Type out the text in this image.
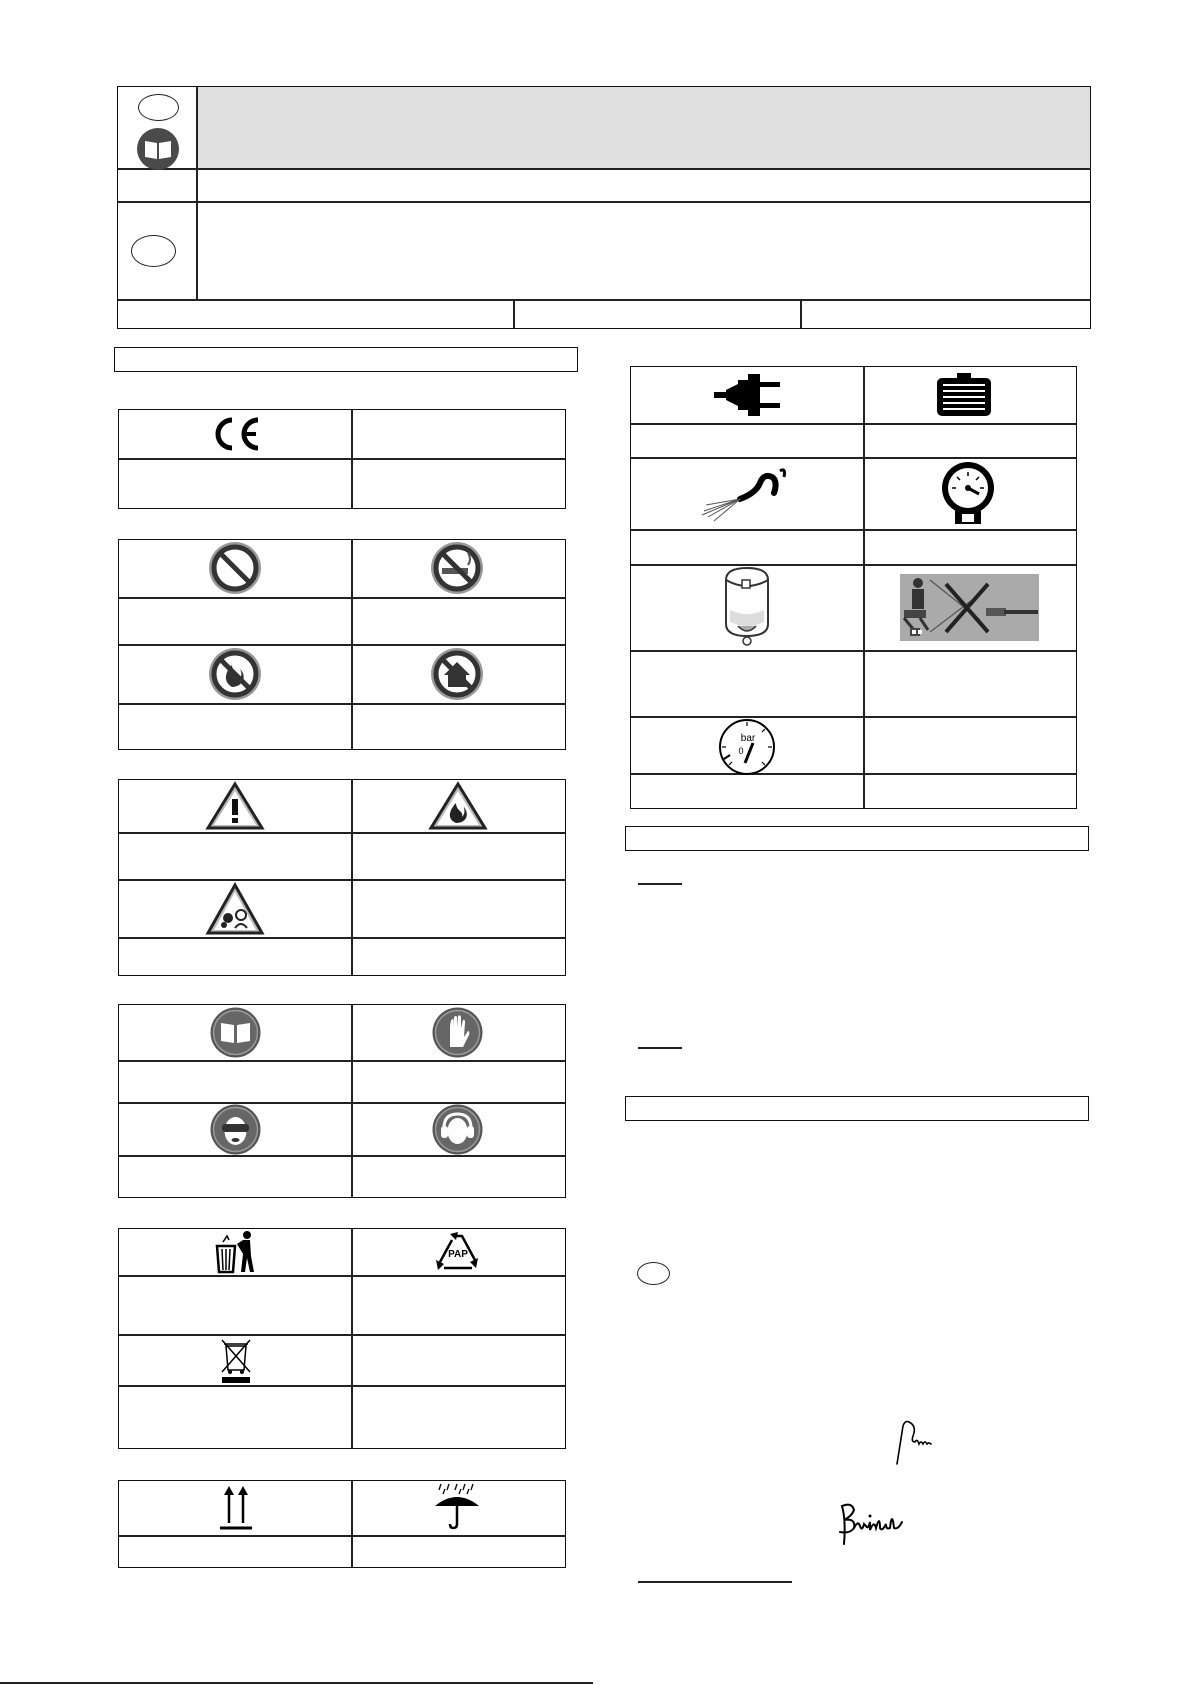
PAP
bar
0
